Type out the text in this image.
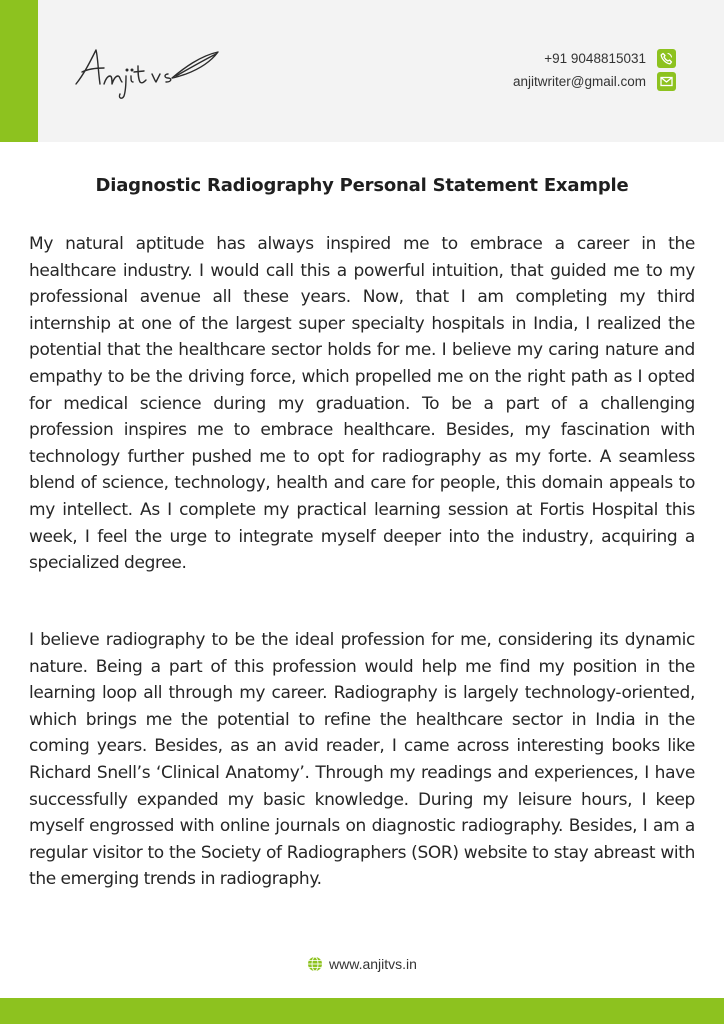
+91 9048815031
anjitwriter@gmail.com
Diagnostic Radiography Personal Statement Example

My natural aptitude has always inspired me to embrace a career in the healthcare industry. I would call this a powerful intuition, that guided me to my professional avenue all these years. Now, that I am completing my third internship at one of the largest super specialty hospitals in India, I realized the potential that the healthcare sector holds for me. I believe my caring nature and empathy to be the driving force, which propelled me on the right path as I opted for medical science during my graduation. To be a part of a challenging profession inspires me to embrace healthcare. Besides, my fascination with technology further pushed me to opt for radiography as my forte. A seamless blend of science, technology, health and care for people, this domain appeals to my intellect. As I complete my practical learning session at Fortis Hospital this week, I feel the urge to integrate myself deeper into the industry, acquiring a specialized degree.

I believe radiography to be the ideal profession for me, considering its dynamic nature. Being a part of this profession would help me find my position in the learning loop all through my career. Radiography is largely technology-oriented, which brings me the potential to refine the healthcare sector in India in the coming years. Besides, as an avid reader, I came across interesting books like Richard Snell’s ‘Clinical Anatomy’. Through my readings and experiences, I have successfully expanded my basic knowledge. During my leisure hours, I keep myself engrossed with online journals on diagnostic radiography. Besides, I am a regular visitor to the Society of Radiographers (SOR) website to stay abreast with the emerging trends in radiography.

www.anjitvs.in
